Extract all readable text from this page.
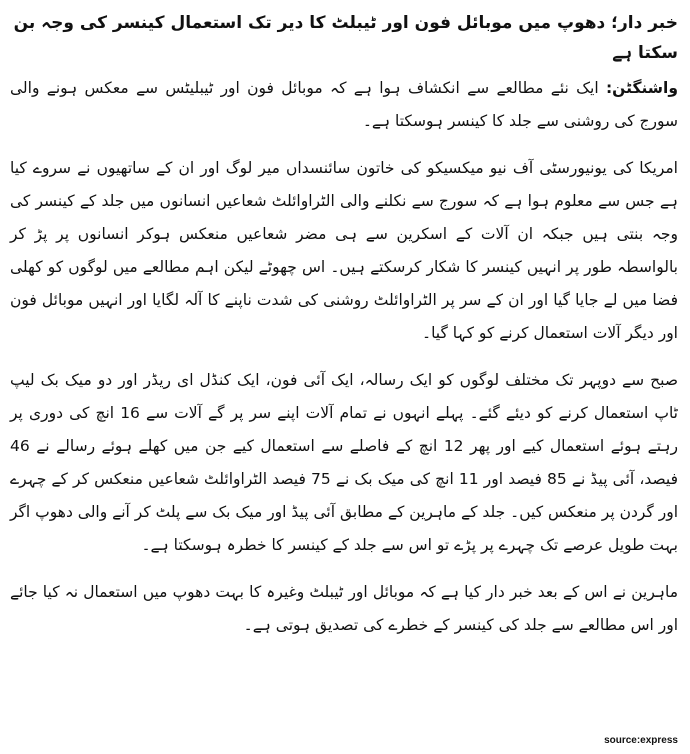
خبر دار؛ دھوپ میں موبائل فون اور ٹیبلٹ کا دیر تک استعمال کینسر کی وجہ بن سکتا ہے

واشنگٹن: ایک نئے مطالعے سے انکشاف ہوا ہے کہ موبائل فون اور ٹیبلیٹس سے معکس ہونے والی سورج کی روشنی سے جلد کا کینسر ہوسکتا ہے۔

امریکا کی یونیورسٹی آف نیو میکسیکو کی خاتون سائنسداں میر لوگ اور ان کے ساتھیوں نے سروے کیا ہے جس سے معلوم ہوا ہے کہ سورج سے نکلنے والی الٹراوائلٹ شعاعیں انسانوں میں جلد کے کینسر کی وجہ بنتی ہیں جبکہ ان آلات کے اسکرین سے ہی مضر شعاعیں منعکس ہوکر انسانوں پر پڑ کر بالواسطہ طور پر انہیں کینسر کا شکار کرسکتے ہیں۔ اس چھوٹے لیکن اہم مطالعے میں لوگوں کو کھلی فضا میں لے جایا گیا اور ان کے سر پر الٹراوائلٹ روشنی کی شدت ناپنے کا آلہ لگایا اور انہیں موبائل فون اور دیگر آلات استعمال کرنے کو کہا گیا۔

صبح سے دوپہر تک مختلف لوگوں کو ایک رسالہ، ایک آئی فون، ایک کنڈل ای ریڈر اور دو میک بک لیپ ٹاپ استعمال کرنے کو دیئے گئے۔ پہلے انہوں نے تمام آلات اپنے سر پر گے آلات سے 16 انچ کی دوری پر رہتے ہوئے استعمال کیے اور پھر 12 انچ کے فاصلے سے استعمال کیے جن میں کھلے ہوئے رسالے نے 46 فیصد، آئی پیڈ نے 85 فیصد اور 11 انچ کی میک بک نے 75 فیصد الٹراوائلٹ شعاعیں منعکس کر کے چہرے اور گردن پر منعکس کیں۔ جلد کے ماہرین کے مطابق آئی پیڈ اور میک بک سے پلٹ کر آنے والی دھوپ اگر بہت طویل عرصے تک چہرے پر پڑے تو اس سے جلد کے کینسر کا خطرہ ہوسکتا ہے۔

ماہرین نے اس کے بعد خبر دار کیا ہے کہ موبائل اور ٹیبلٹ وغیرہ کا بہت دھوپ میں استعمال نہ کیا جائے اور اس مطالعے سے جلد کی کینسر کے خطرے کی تصدیق ہوتی ہے۔

source:express
